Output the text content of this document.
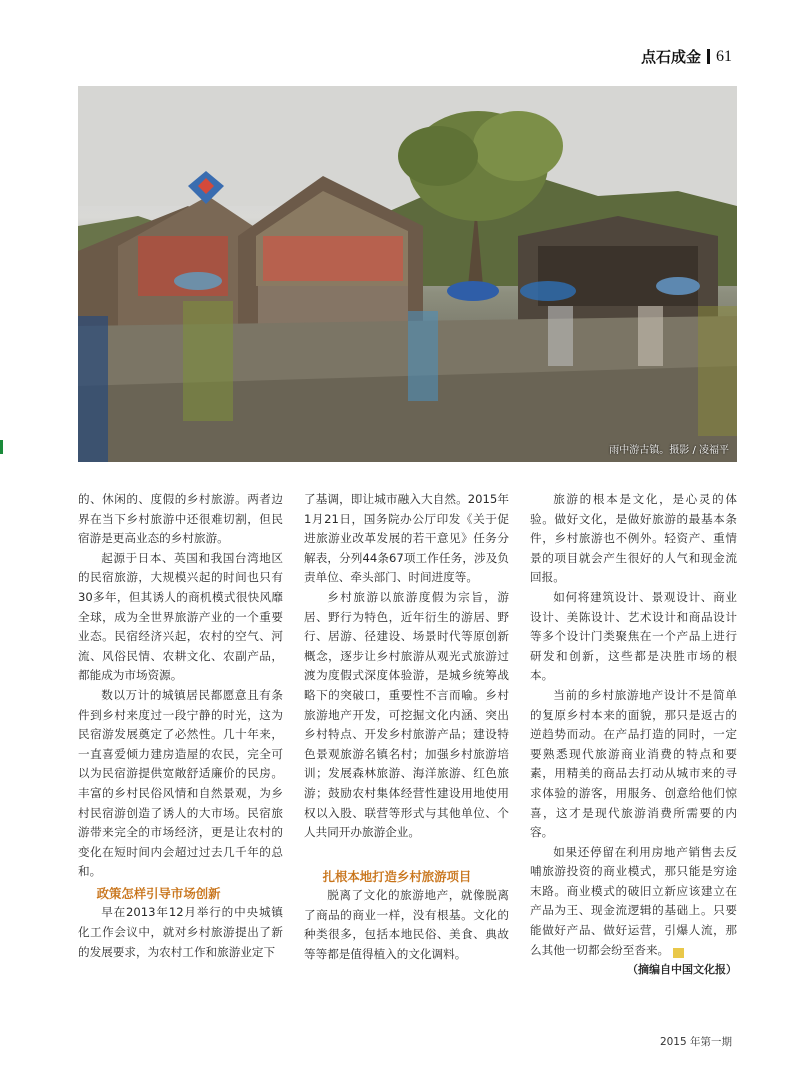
点石成金 61
雨中游古镇。摄影 / 凌福平

的、休闲的、度假的乡村旅游。两者边界在当下乡村旅游中还很难切割，但民宿游是更高业态的乡村旅游。

起源于日本、英国和我国台湾地区的民宿旅游，大规模兴起的时间也只有30多年，但其诱人的商机模式很快风靡全球，成为全世界旅游产业的一个重要业态。民宿经济兴起，农村的空气、河流、风俗民情、农耕文化、农副产品，都能成为市场资源。

数以万计的城镇居民都愿意且有条件到乡村来度过一段宁静的时光，这为民宿游发展奠定了必然性。几十年来，一直喜爱倾力建房造屋的农民，完全可以为民宿游提供宽敞舒适廉价的民房。丰富的乡村民俗风情和自然景观，为乡村民宿游创造了诱人的大市场。民宿旅游带来完全的市场经济，更是让农村的变化在短时间内会超过过去几千年的总和。

政策怎样引导市场创新

早在2013年12月举行的中央城镇化工作会议中，就对乡村旅游提出了新的发展要求，为农村工作和旅游业定下

了基调，即让城市融入大自然。2015年1月21日，国务院办公厅印发《关于促进旅游业改革发展的若干意见》任务分解表，分列44条67项工作任务，涉及负责单位、牵头部门、时间进度等。

乡村旅游以旅游度假为宗旨，游居、野行为特色，近年衍生的游居、野行、居游、径建设、场景时代等原创新概念，逐步让乡村旅游从观光式旅游过渡为度假式深度体验游，是城乡统筹战略下的突破口，重要性不言而喻。乡村旅游地产开发，可挖掘文化内涵、突出乡村特点、开发乡村旅游产品；建设特色景观旅游名镇名村；加强乡村旅游培训；发展森林旅游、海洋旅游、红色旅游；鼓励农村集体经营性建设用地使用权以入股、联营等形式与其他单位、个人共同开办旅游企业。

扎根本地打造乡村旅游项目

脱离了文化的旅游地产，就像脱离了商品的商业一样，没有根基。文化的种类很多，包括本地民俗、美食、典故等等都是值得植入的文化调料。

旅游的根本是文化，是心灵的体验。做好文化，是做好旅游的最基本条件，乡村旅游也不例外。轻资产、重情景的项目就会产生很好的人气和现金流回报。

如何将建筑设计、景观设计、商业设计、美陈设计、艺术设计和商品设计等多个设计门类聚焦在一个产品上进行研发和创新，这些都是决胜市场的根本。

当前的乡村旅游地产设计不是简单的复原乡村本来的面貌，那只是返古的逆趋势而动。在产品打造的同时，一定要熟悉现代旅游商业消费的特点和要素，用精美的商品去打动从城市来的寻求体验的游客，用服务、创意给他们惊喜，这才是现代旅游消费所需要的内容。

如果还停留在利用房地产销售去反哺旅游投资的商业模式，那只能是穷途末路。商业模式的破旧立新应该建立在产品为王、现金流逻辑的基础上。只要能做好产品、做好运营，引爆人流，那么其他一切都会纷至沓来。	■

（摘编自中国文化报）

2015 年第一期
